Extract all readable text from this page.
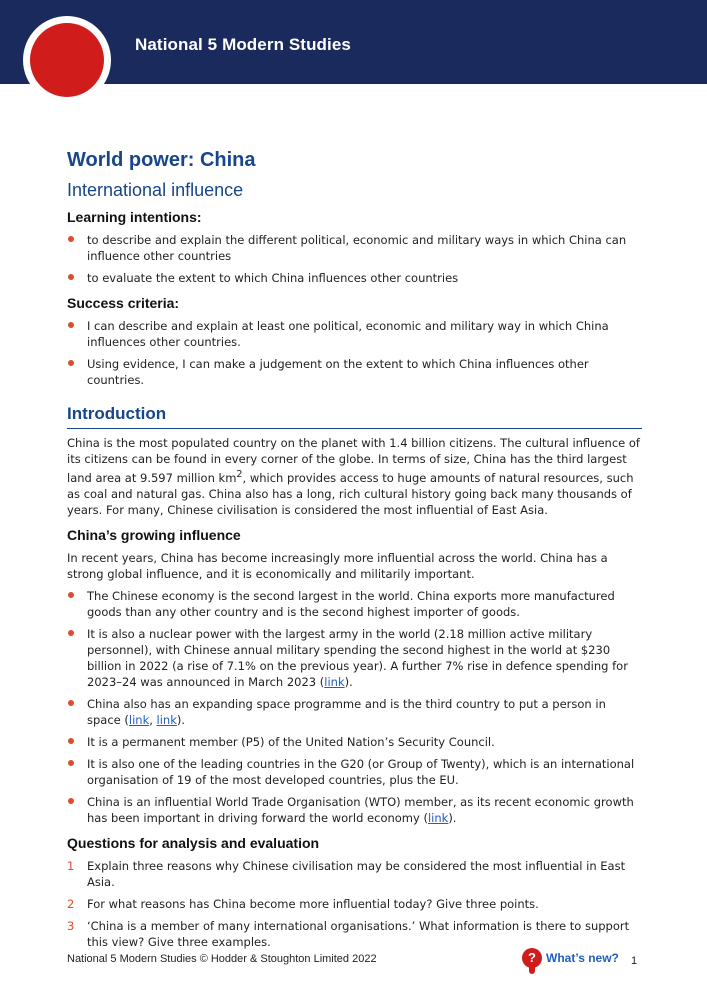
National 5 Modern Studies
World power: China
International influence
Learning intentions:
to describe and explain the different political, economic and military ways in which China can influence other countries
to evaluate the extent to which China influences other countries
Success criteria:
I can describe and explain at least one political, economic and military way in which China influences other countries.
Using evidence, I can make a judgement on the extent to which China influences other countries.
Introduction

China is the most populated country on the planet with 1.4 billion citizens. The cultural influence of its citizens can be found in every corner of the globe. In terms of size, China has the third largest land area at 9.597 million $km^2$, which provides access to huge amounts of natural resources, such as coal and natural gas. China also has a long, rich cultural history going back many thousands of years. For many, Chinese civilisation is considered the most influential of East Asia.

China’s growing influence

In recent years, China has become increasingly more influential across the world. China has a strong global influence, and it is economically and militarily important.

The Chinese economy is the second largest in the world. China exports more manufactured goods than any other country and is the second highest importer of goods.
It is also a nuclear power with the largest army in the world (2.18 million active military personnel), with Chinese annual military spending the second highest in the world at $230 billion in 2022 (a rise of 7.1% on the previous year). A further 7% rise in defence spending for 2023–24 was announced in March 2023 (link).
China also has an expanding space programme and is the third country to put a person in space (link, link).
It is a permanent member (P5) of the United Nation’s Security Council.
It is also one of the leading countries in the G20 (or Group of Twenty), which is an international organisation of 19 of the most developed countries, plus the EU.
China is an influential World Trade Organisation (WTO) member, as its recent economic growth has been important in driving forward the world economy (link).
Questions for analysis and evaluation
1 Explain three reasons why Chinese civilisation may be considered the most influential in East Asia.
2 For what reasons has China become more influential today? Give three points.
3 ‘China is a member of many international organisations.’ What information is there to support this view? Give three examples.
National 5 Modern Studies © Hodder & Stoughton Limited 2022	? What’s new? 1
